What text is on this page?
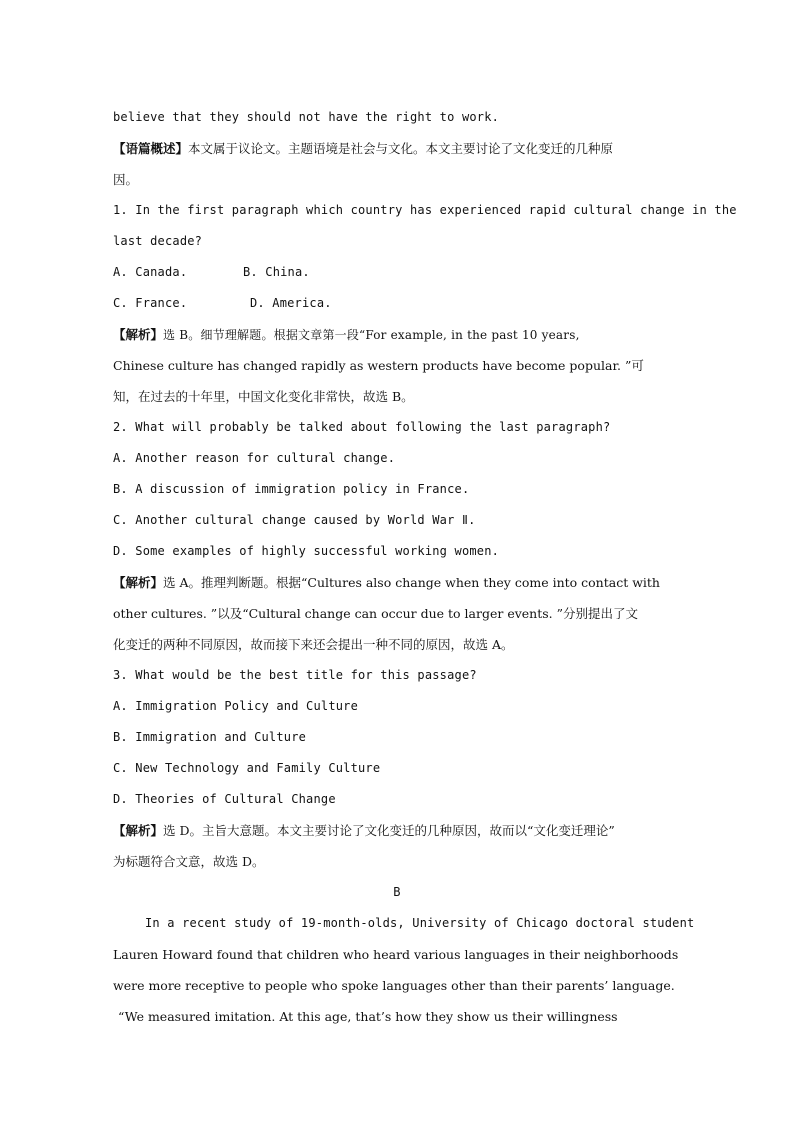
believe that they should not have the right to work.
【语篇概述】本文属于议论文。主题语境是社会与文化。本文主要讨论了文化变迁的几种原
因。
1. In the first paragraph which country has experienced rapid cultural change in the
last decade?
A. Canada.	B. China.
C. France.	D. America.
【解析】选 B。细节理解题。根据文章第一段“For example, in the past 10 years,
Chinese culture has changed rapidly as western products have become popular. ”可
知，在过去的十年里，中国文化变化非常快，故选 B。
2. What will probably be talked about following the last paragraph?
A. Another reason for cultural change.
B. A discussion of immigration policy in France.
C. Another cultural change caused by World War Ⅱ.
D. Some examples of highly successful working women.
【解析】选 A。推理判断题。根据“Cultures also change when they come into contact with
other cultures. ”以及“Cultural change can occur due to larger events. ”分别提出了文
化变迁的两种不同原因，故而接下来还会提出一种不同的原因，故选 A。
3. What would be the best title for this passage?
A. Immigration Policy and Culture
B. Immigration and Culture
C. New Technology and Family Culture
D. Theories of Cultural Change
【解析】选 D。主旨大意题。本文主要讨论了文化变迁的几种原因，故而以“文化变迁理论”
为标题符合文意，故选 D。
B
In a recent study of 19-month-olds, University of Chicago doctoral student
Lauren Howard found that children who heard various languages in their neighborhoods
were more receptive to people who spoke languages other than their parents’ language.
“We measured imitation. At this age, that’s how they show us their willingness
